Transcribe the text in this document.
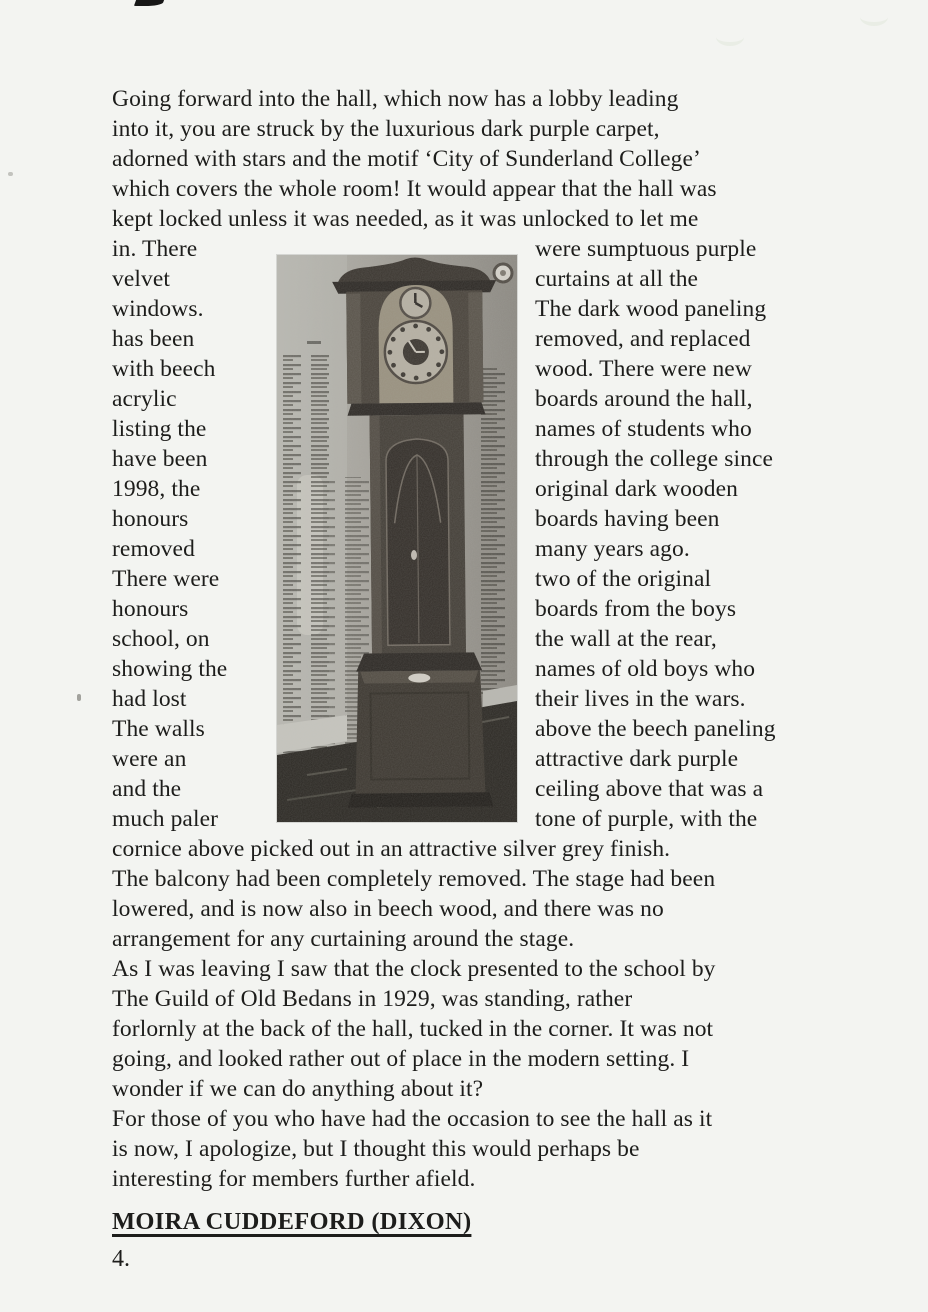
Going forward into the hall, which now has a lobby leading
into it, you are struck by the luxurious dark purple carpet,
adorned with stars and the motif ‘City of Sunderland College’
which covers the whole room! It would appear that the hall was
kept locked unless it was needed, as it was unlocked to let me
in. There
velvet
windows.
has been
with beech
acrylic
listing the
have been
1998, the
honours
removed
There were
honours
school, on
showing the
had lost
The walls
were an
and the
much paler
were sumptuous purple
curtains at all the
The dark wood paneling
removed, and replaced
wood. There were new
boards around the hall,
names of students who
through the college since
original dark wooden
boards having been
many years ago.
two of the original
boards from the boys
the wall at the rear,
names of old boys who
their lives in the wars.
above the beech paneling
attractive dark purple
ceiling above that was a
tone of purple, with the
cornice above picked out in an attractive silver grey finish.
The balcony had been completely removed. The stage had been
lowered, and is now also in beech wood, and there was no
arrangement for any curtaining around the stage.
As I was leaving I saw that the clock presented to the school by
The Guild of Old Bedans in 1929, was standing, rather
forlornly at the back of the hall, tucked in the corner. It was not
going, and looked rather out of place in the modern setting. I
wonder if we can do anything about it?
For those of you who have had the occasion to see the hall as it
is now, I apologize, but I thought this would perhaps be
interesting for members further afield.
MOIRA CUDDEFORD (DIXON)
4.
